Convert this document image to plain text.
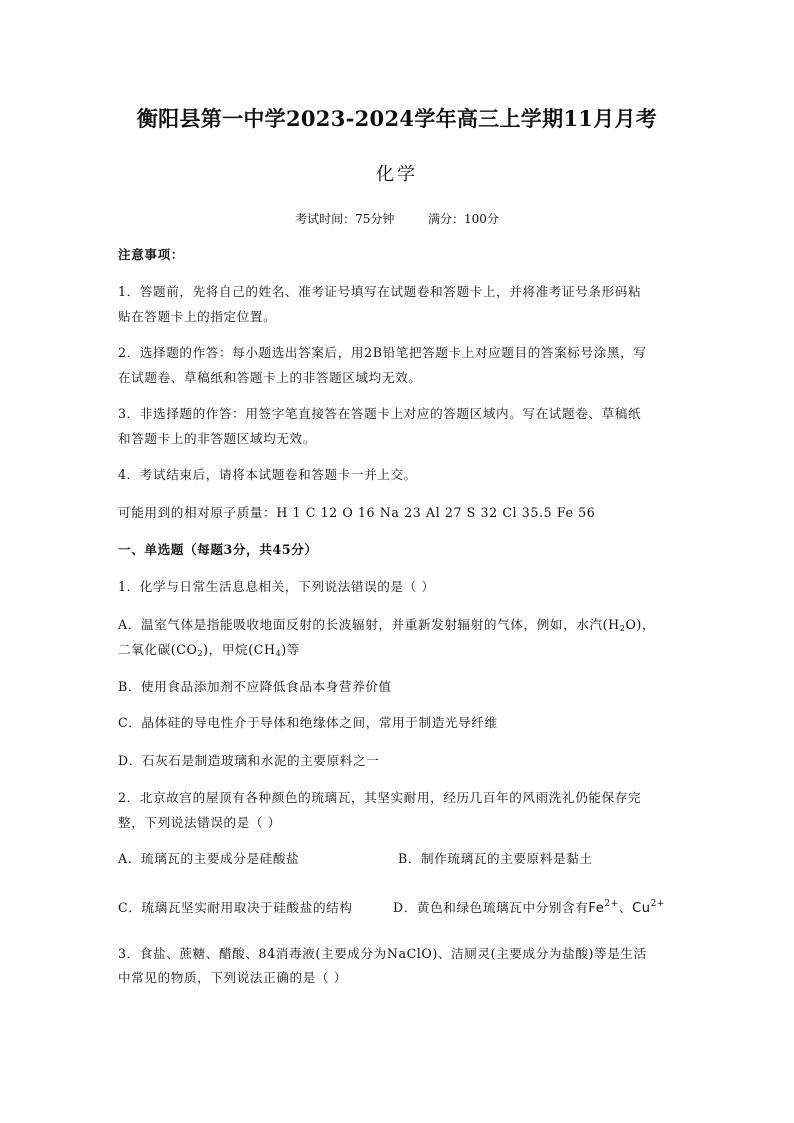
衡阳县第一中学2023-2024学年高三上学期11月月考
化学
考试时间：75分钟	满分：100分
注意事项：
1．答题前，先将自己的姓名、准考证号填写在试题卷和答题卡上，并将准考证号条形码粘
贴在答题卡上的指定位置。
2．选择题的作答：每小题选出答案后，用2B铅笔把答题卡上对应题目的答案标号涂黑，写
在试题卷、草稿纸和答题卡上的非答题区域均无效。
3．非选择题的作答：用签字笔直接答在答题卡上对应的答题区域内。写在试题卷、草稿纸
和答题卡上的非答题区域均无效。
4．考试结束后，请将本试题卷和答题卡一并上交。
可能用到的相对原子质量：H 1 C 12 O 16 Na 23 Al 27 S 32 Cl 35.5 Fe 56
一、单选题（每题3分，共45分）
1．化学与日常生活息息相关，下列说法错误的是（ ）
A．温室气体是指能吸收地面反射的长波辐射，并重新发射辐射的气体，例如，水汽$(H_2O)$，
二氧化碳$(CO_2)$，甲烷$(CH_4)$等
B．使用食品添加剂不应降低食品本身营养价值
C．晶体硅的导电性介于导体和绝缘体之间，常用于制造光导纤维
D．石灰石是制造玻璃和水泥的主要原料之一
2．北京故宫的屋顶有各种颜色的琉璃瓦，其坚实耐用，经历几百年的风雨洗礼仍能保存完
整，下列说法错误的是（ ）
A．琉璃瓦的主要成分是硅酸盐	B．制作琉璃瓦的主要原料是黏土
C．琉璃瓦坚实耐用取决于硅酸盐的结构	D．黄色和绿色琉璃瓦中分别含有$Fe^{2+}$、$Cu^{2+}$
3．食盐、蔗糖、醋酸、84消毒液(主要成分为NaClO)、洁厕灵(主要成分为盐酸)等是生活
中常见的物质，下列说法正确的是（ ）
